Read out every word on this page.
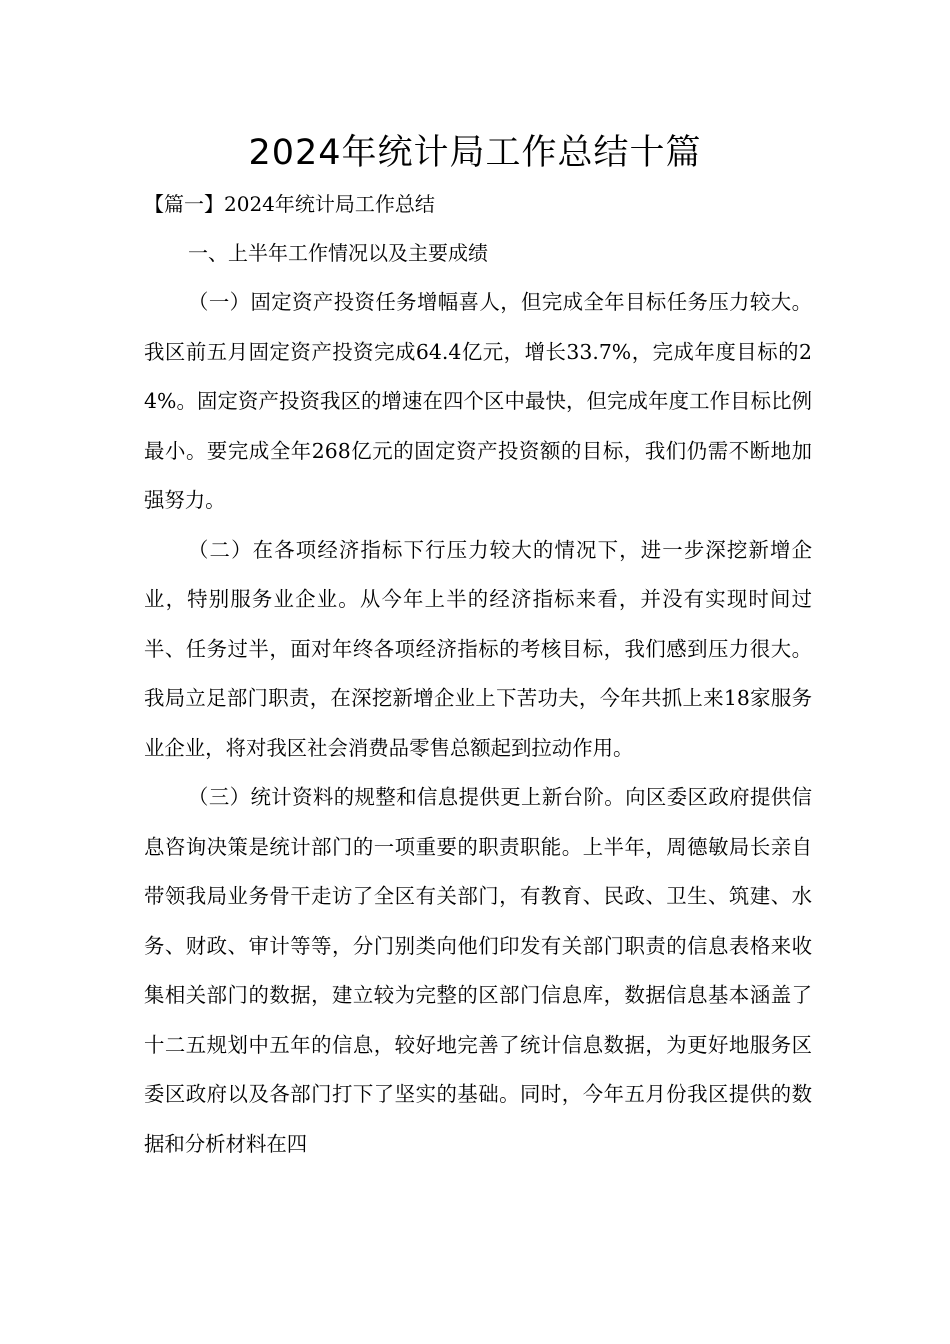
2024年统计局工作总结十篇

【篇一】2024年统计局工作总结

一、上半年工作情况以及主要成绩

（一）固定资产投资任务增幅喜人，但完成全年目标任务压力较大。我区前五月固定资产投资完成64.4亿元，增长33.7%，完成年度目标的24%。固定资产投资我区的增速在四个区中最快，但完成年度工作目标比例最小。要完成全年268亿元的固定资产投资额的目标，我们仍需不断地加强努力。

（二）在各项经济指标下行压力较大的情况下，进一步深挖新增企业，特别服务业企业。从今年上半的经济指标来看，并没有实现时间过半、任务过半，面对年终各项经济指标的考核目标，我们感到压力很大。我局立足部门职责，在深挖新增企业上下苦功夫，今年共抓上来18家服务业企业，将对我区社会消费品零售总额起到拉动作用。

（三）统计资料的规整和信息提供更上新台阶。向区委区政府提供信息咨询决策是统计部门的一项重要的职责职能。上半年，周德敏局长亲自带领我局业务骨干走访了全区有关部门，有教育、民政、卫生、筑建、水务、财政、审计等等，分门别类向他们印发有关部门职责的信息表格来收集相关部门的数据，建立较为完整的区部门信息库，数据信息基本涵盖了十二五规划中五年的信息，较好地完善了统计信息数据，为更好地服务区委区政府以及各部门打下了坚实的基础。同时，今年五月份我区提供的数据和分析材料在四
